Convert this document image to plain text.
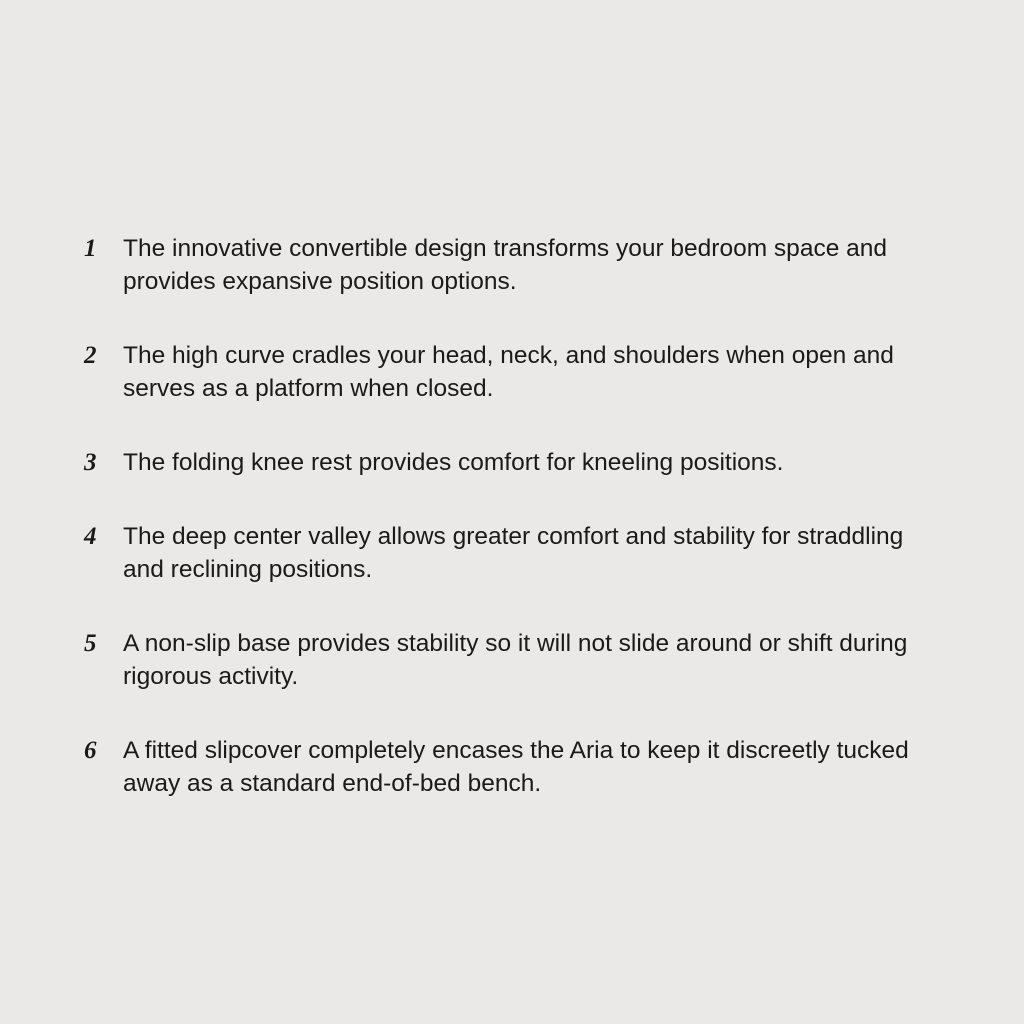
1	The innovative convertible design transforms your bedroom space and provides expansive position options.
2	The high curve cradles your head, neck, and shoulders when open and serves as a platform when closed.
3	The folding knee rest provides comfort for kneeling positions.
4	The deep center valley allows greater comfort and stability for straddling and reclining positions.
5	A non-slip base provides stability so it will not slide around or shift during rigorous activity.
6	A fitted slipcover completely encases the Aria to keep it discreetly tucked away as a standard end-of-bed bench.
